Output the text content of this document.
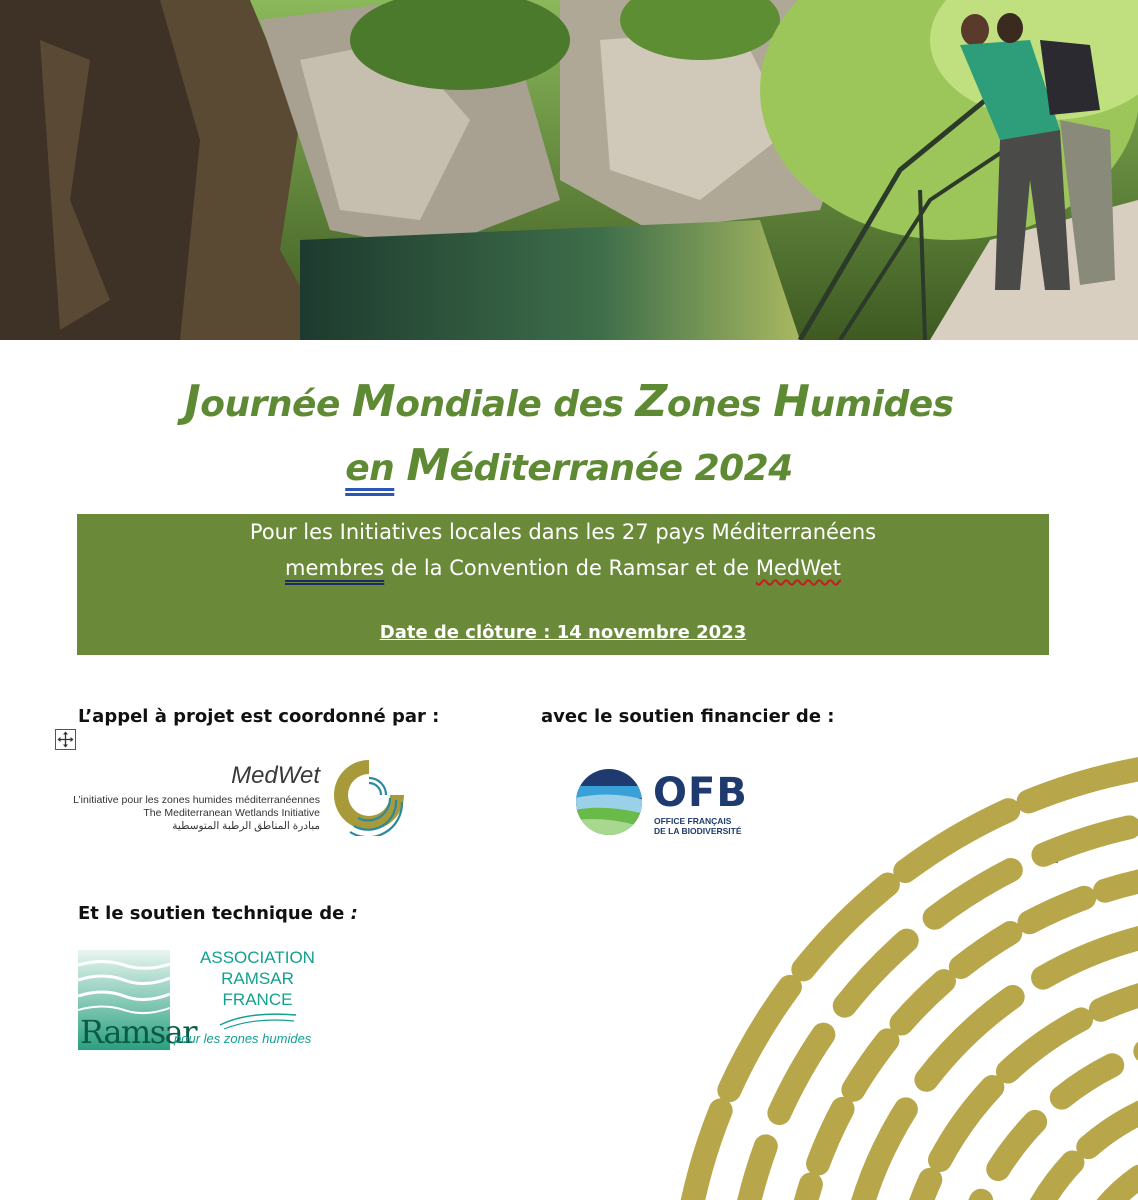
Journée Mondiale des Zones Humides
en Méditerranée 2024
Pour les Initiatives locales dans les 27 pays Méditerranéens
membres de la Convention de Ramsar et de MedWet
Date de clôture : 14 novembre 2023
L’appel à projet est coordonné par :	avec le soutien financier de :
Et le soutien technique de :
MedWet
L’initiative pour les zones humides méditerranéennes
The Mediterranean Wetlands Initiative
مبادرة المناطق الرطبة المتوسطية
OFB
OFFICE FRANÇAIS
DE LA BIODIVERSITÉ
Ramsar
ASSOCIATION
RAMSAR
FRANCE
pour les zones humides
